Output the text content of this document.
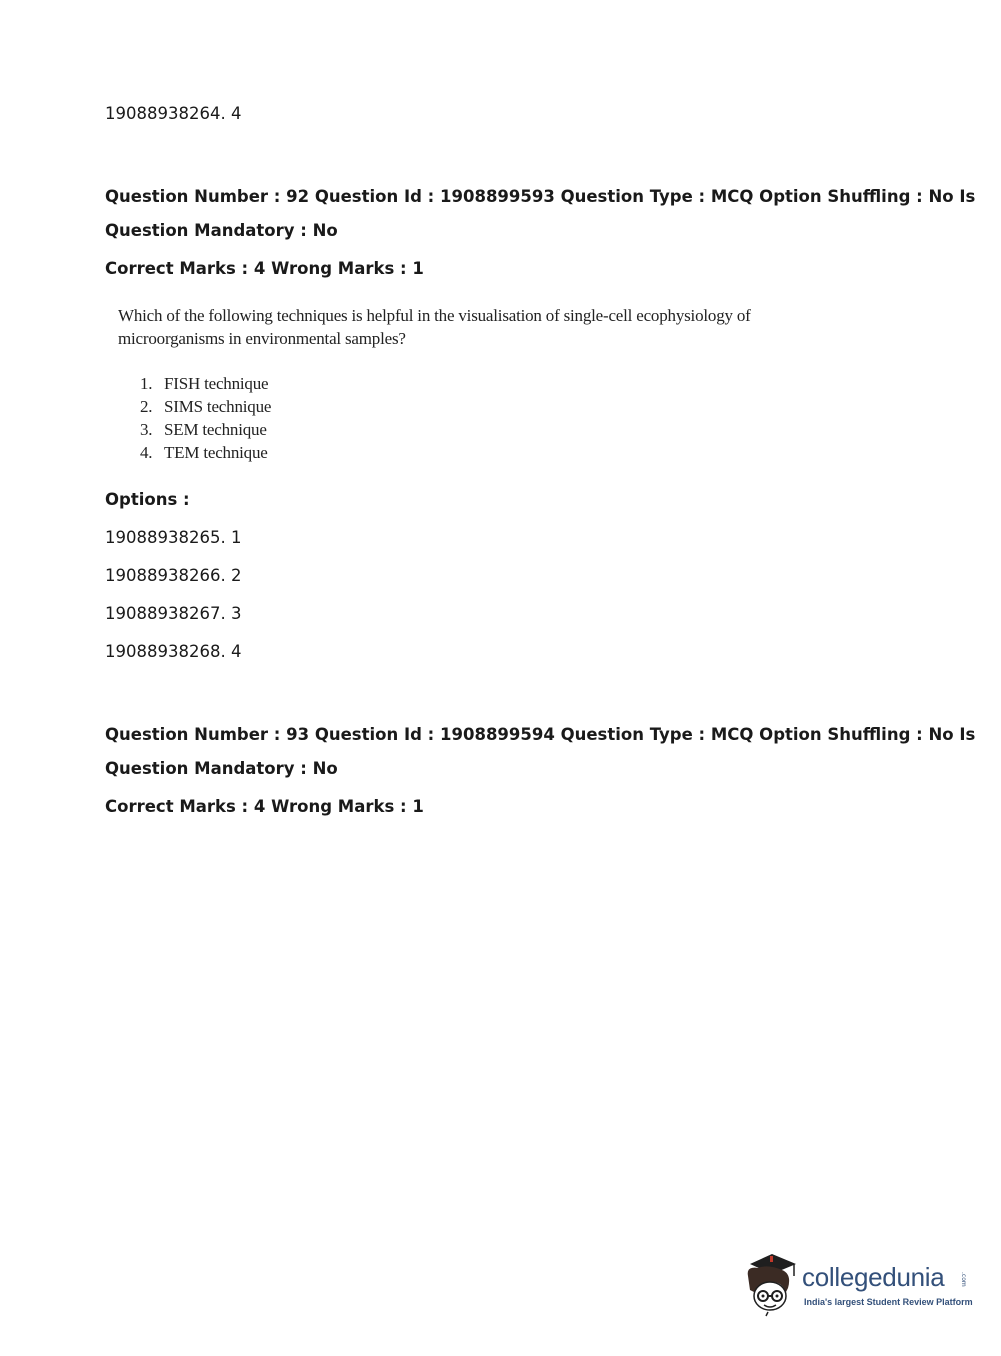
19088938264. 4
Question Number : 92 Question Id : 1908899593 Question Type : MCQ Option Shuffling : No Is
Question Mandatory : No
Correct Marks : 4 Wrong Marks : 1
Which of the following techniques is helpful in the visualisation of single-cell ecophysiology of
microorganisms in environmental samples?
1. FISH technique
2. SIMS technique
3. SEM technique
4. TEM technique
Options :
19088938265. 1
19088938266. 2
19088938267. 3
19088938268. 4
Question Number : 93 Question Id : 1908899594 Question Type : MCQ Option Shuffling : No Is
Question Mandatory : No
Correct Marks : 4 Wrong Marks : 1
collegedunia	.com
India's largest Student Review Platform
